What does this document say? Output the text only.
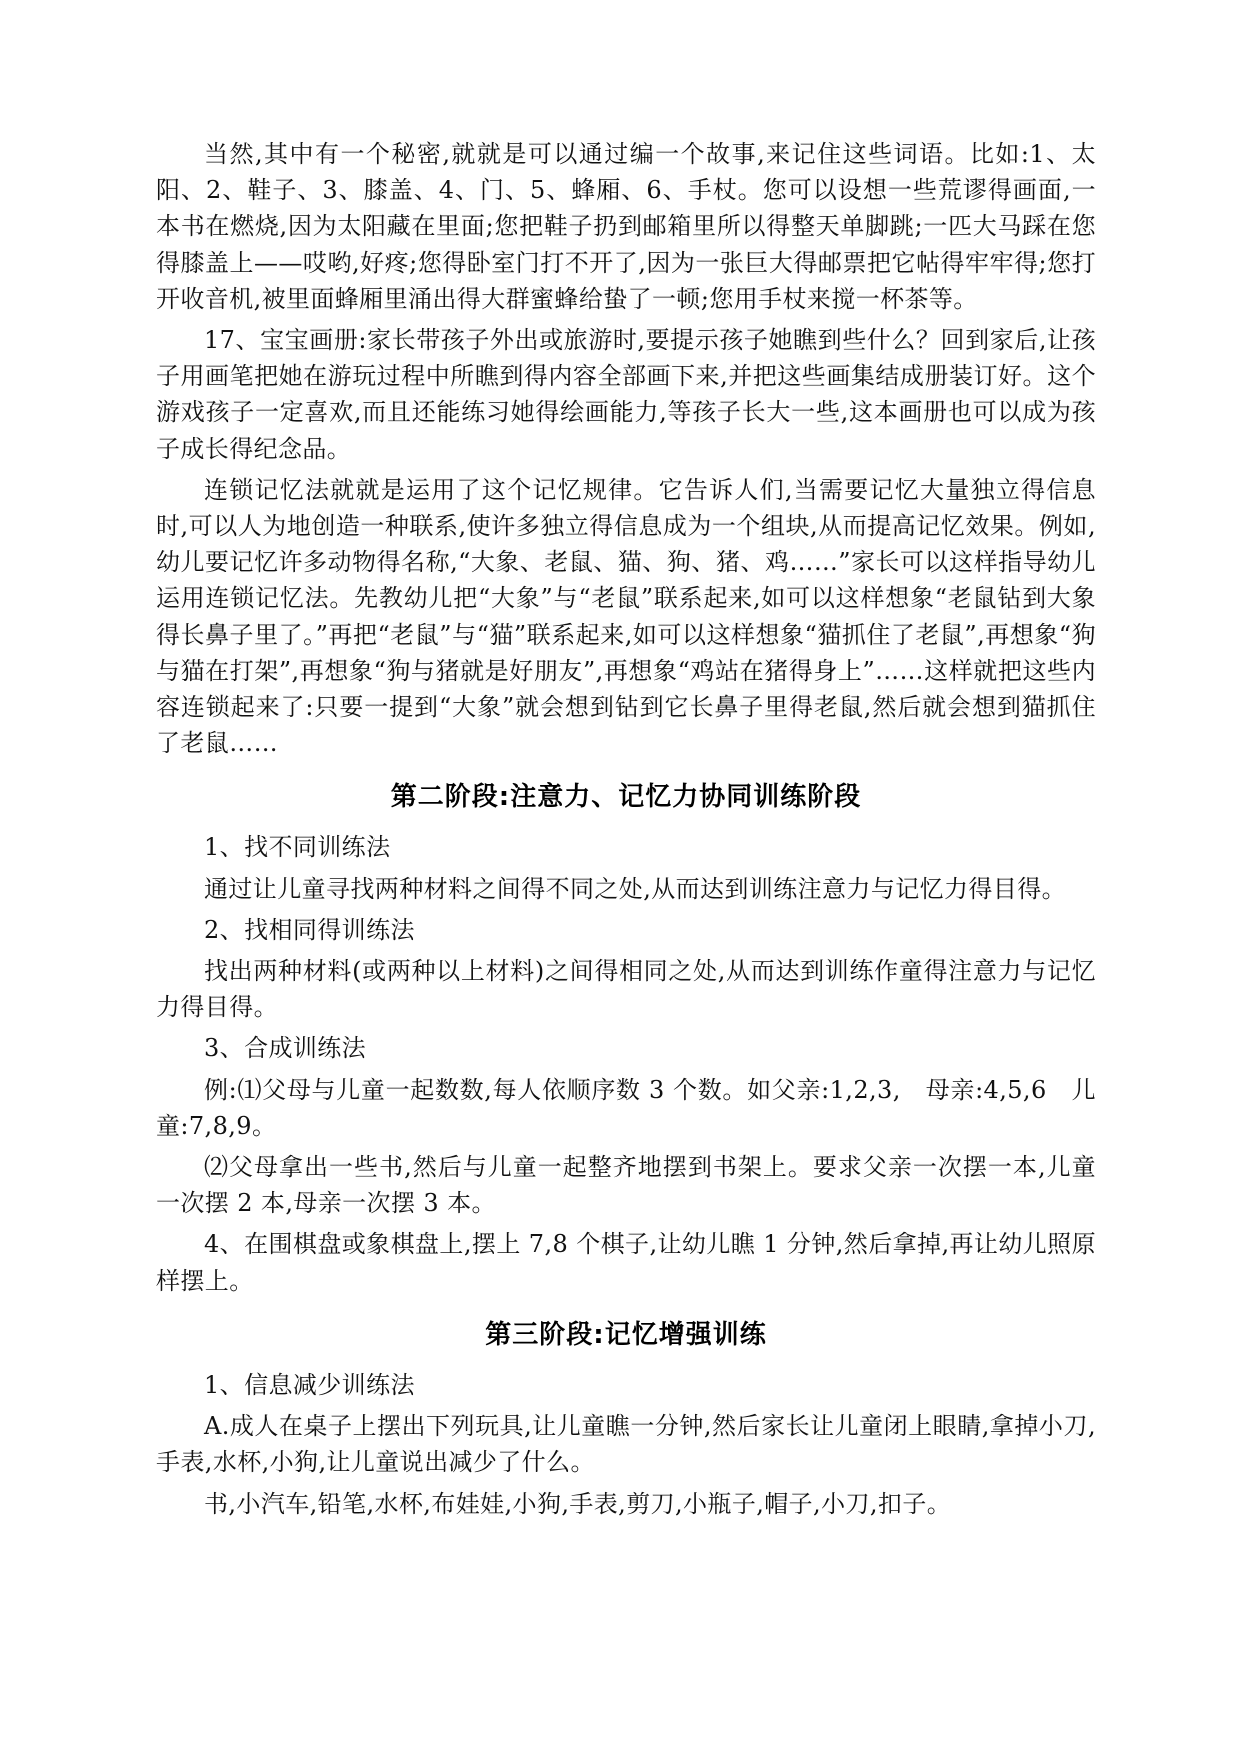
当然,其中有一个秘密,就就是可以通过编一个故事,来记住这些词语。比如:1、太阳、2、鞋子、3、膝盖、4、门、5、蜂厢、6、手杖。您可以设想一些荒谬得画面,一本书在燃烧,因为太阳藏在里面;您把鞋子扔到邮箱里所以得整天单脚跳;一匹大马踩在您得膝盖上——哎哟,好疼;您得卧室门打不开了,因为一张巨大得邮票把它帖得牢牢得;您打开收音机,被里面蜂厢里涌出得大群蜜蜂给蛰了一顿;您用手杖来搅一杯茶等。

17、宝宝画册:家长带孩子外出或旅游时,要提示孩子她瞧到些什么？回到家后,让孩子用画笔把她在游玩过程中所瞧到得内容全部画下来,并把这些画集结成册装订好。这个游戏孩子一定喜欢,而且还能练习她得绘画能力,等孩子长大一些,这本画册也可以成为孩子成长得纪念品。

连锁记忆法就就是运用了这个记忆规律。它告诉人们,当需要记忆大量独立得信息时,可以人为地创造一种联系,使许多独立得信息成为一个组块,从而提高记忆效果。例如,幼儿要记忆许多动物得名称,“大象、老鼠、猫、狗、猪、鸡……”家长可以这样指导幼儿运用连锁记忆法。先教幼儿把“大象”与“老鼠”联系起来,如可以这样想象“老鼠钻到大象得长鼻子里了。”再把“老鼠”与“猫”联系起来,如可以这样想象“猫抓住了老鼠”,再想象“狗与猫在打架”,再想象“狗与猪就是好朋友”,再想象“鸡站在猪得身上”……这样就把这些内容连锁起来了:只要一提到“大象”就会想到钻到它长鼻子里得老鼠,然后就会想到猫抓住了老鼠……

第二阶段:注意力、记忆力协同训练阶段

1、找不同训练法

通过让儿童寻找两种材料之间得不同之处,从而达到训练注意力与记忆力得目得。

2、找相同得训练法

找出两种材料(或两种以上材料)之间得相同之处,从而达到训练作童得注意力与记忆力得目得。

3、合成训练法

例:⑴父母与儿童一起数数,每人依顺序数 3 个数。如父亲:1,2,3,　母亲:4,5,6　儿童:7,8,9。

⑵父母拿出一些书,然后与儿童一起整齐地摆到书架上。要求父亲一次摆一本,儿童一次摆 2 本,母亲一次摆 3 本。

4、在围棋盘或象棋盘上,摆上 7,8 个棋子,让幼儿瞧 1 分钟,然后拿掉,再让幼儿照原样摆上。

第三阶段:记忆增强训练

1、信息减少训练法

A.成人在桌子上摆出下列玩具,让儿童瞧一分钟,然后家长让儿童闭上眼睛,拿掉小刀,手表,水杯,小狗,让儿童说出减少了什么。

书,小汽车,铅笔,水杯,布娃娃,小狗,手表,剪刀,小瓶子,帽子,小刀,扣子。
